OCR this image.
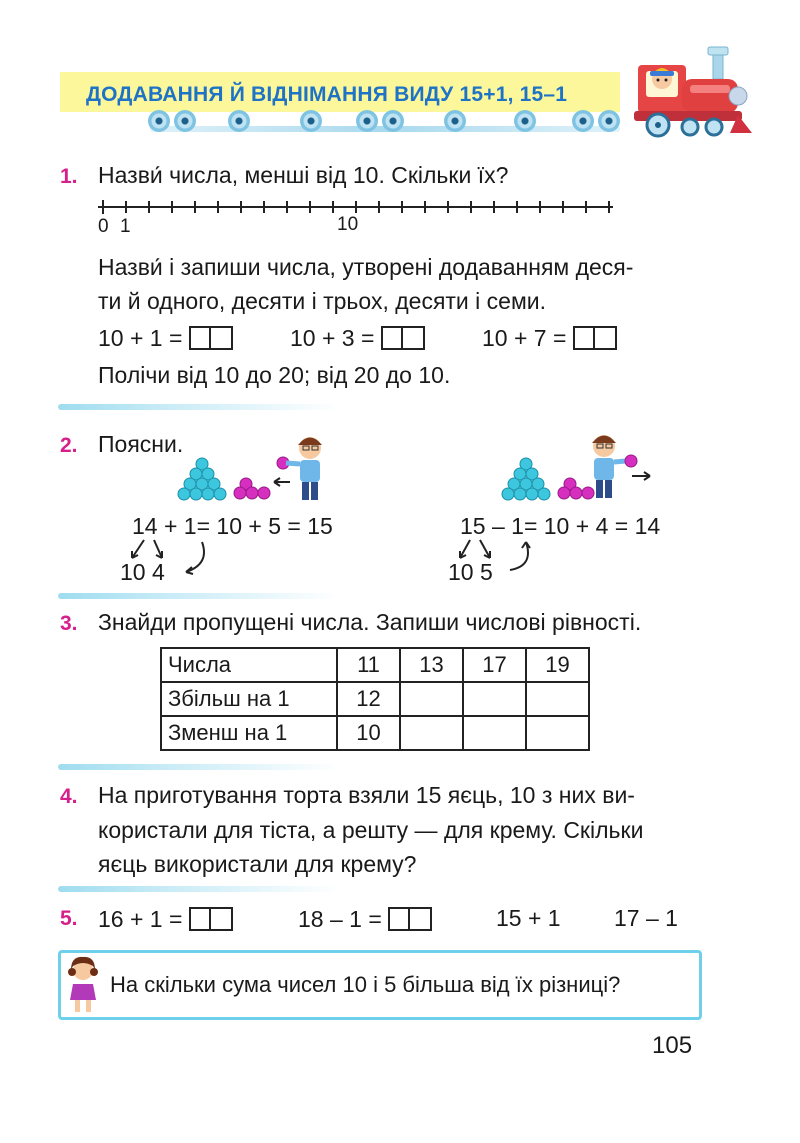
ДОДАВАННЯ Й ВІДНІМАННЯ ВИДУ 15+1, 15–1
1. Назви́ числа, менші від 10. Скільки їх?
0 1	10
Назви́ і запиши числа, утворені додаванням деся-
ти й одного, десяти і трьох, десяти і семи.
10 + 1 =	10 + 3 =	10 + 7 =
Полічи від 10 до 20; від 20 до 10.
2. Поясни.
14 + 1= 10 + 5 = 15
10 4
15 – 1= 10 + 4 = 14
10 5
3. Знайди пропущені числа. Запиши числові рівності.
Числа	11	13	17	19
Збільш на 1	12			
Зменш на 1	10			
4. На приготування торта взяли 15 яєць, 10 з них ви-
користали для тіста, а решту — для крему. Скільки
яєць використали для крему?
5. 16 + 1 =	18 – 1 =	15 + 1 17 – 1
На скільки сума чисел 10 і 5 більша від їх різниці?
105
